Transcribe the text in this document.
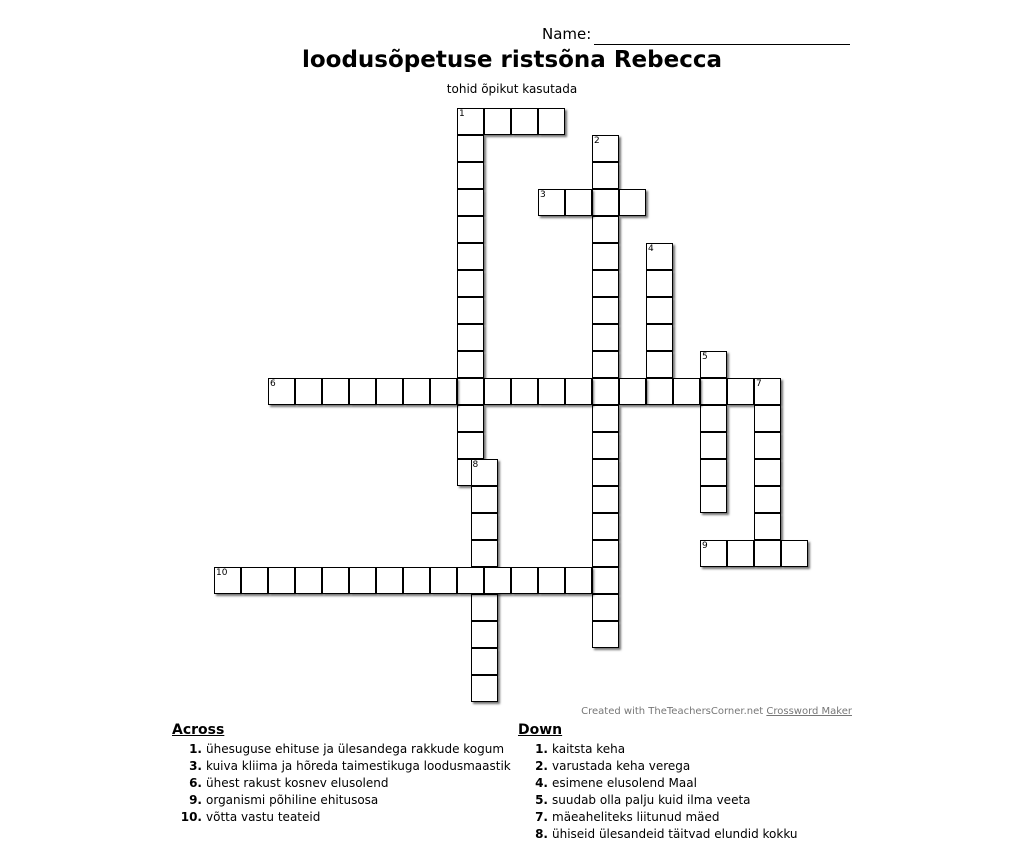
Name:
loodusõpetuse ristsõna Rebecca
tohid õpikut kasutada
1
2
3
4
5
6	7
8
9
10
Created with TheTeachersCorner.net Crossword Maker
Across
1. ühesuguse ehituse ja ülesandega rakkude kogum
3. kuiva kliima ja hõreda taimestikuga loodusmaastik
6. ühest rakust kosnev elusolend
9. organismi põhiline ehitusosa
10. võtta vastu teateid
Down
1. kaitsta keha
2. varustada keha verega
4. esimene elusolend Maal
5. suudab olla palju kuid ilma veeta
7. mäeaheliteks liitunud mäed
8. ühiseid ülesandeid täitvad elundid kokku
